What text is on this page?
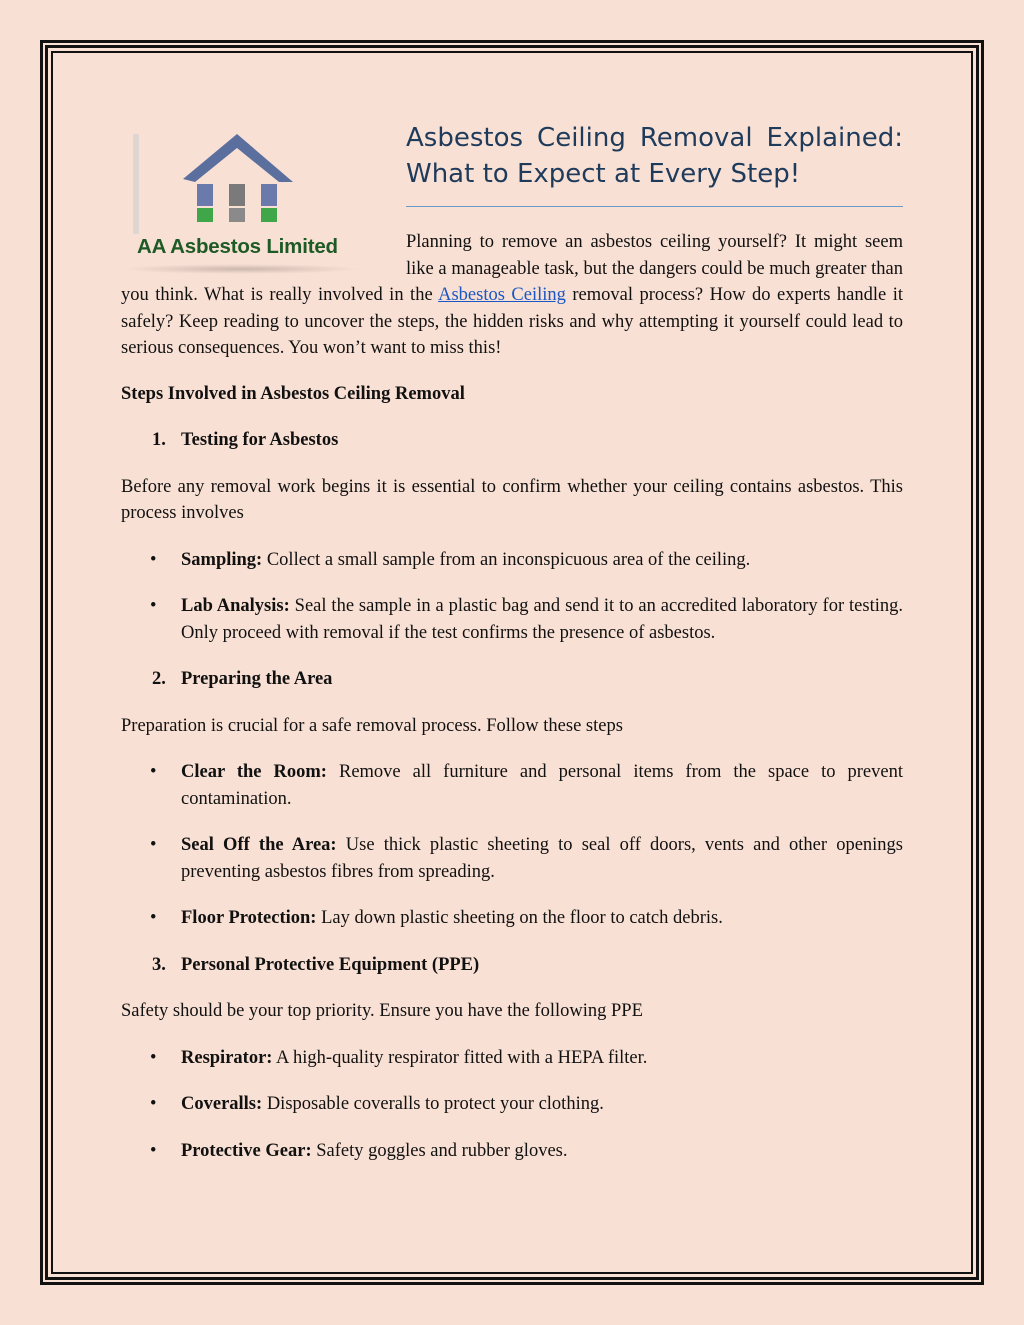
AA Asbestos Limited
Asbestos Ceiling Removal Explained: What to Expect at Every Step!

Planning to remove an asbestos ceiling yourself? It might seem like a manageable task, but the dangers could be much greater than you think. What is really involved in the Asbestos Ceiling removal process? How do experts handle it safely? Keep reading to uncover the steps, the hidden risks and why attempting it yourself could lead to serious consequences. You won’t want to miss this!

Steps Involved in Asbestos Ceiling Removal

1. Testing for Asbestos

Before any removal work begins it is essential to confirm whether your ceiling contains asbestos. This process involves

• Sampling: Collect a small sample from an inconspicuous area of the ceiling.
• Lab Analysis: Seal the sample in a plastic bag and send it to an accredited laboratory for testing. Only proceed with removal if the test confirms the presence of asbestos.

2. Preparing the Area

Preparation is crucial for a safe removal process. Follow these steps

• Clear the Room: Remove all furniture and personal items from the space to prevent contamination.
• Seal Off the Area: Use thick plastic sheeting to seal off doors, vents and other openings preventing asbestos fibres from spreading.
• Floor Protection: Lay down plastic sheeting on the floor to catch debris.

3. Personal Protective Equipment (PPE)

Safety should be your top priority. Ensure you have the following PPE

• Respirator: A high-quality respirator fitted with a HEPA filter.
• Coveralls: Disposable coveralls to protect your clothing.
• Protective Gear: Safety goggles and rubber gloves.
